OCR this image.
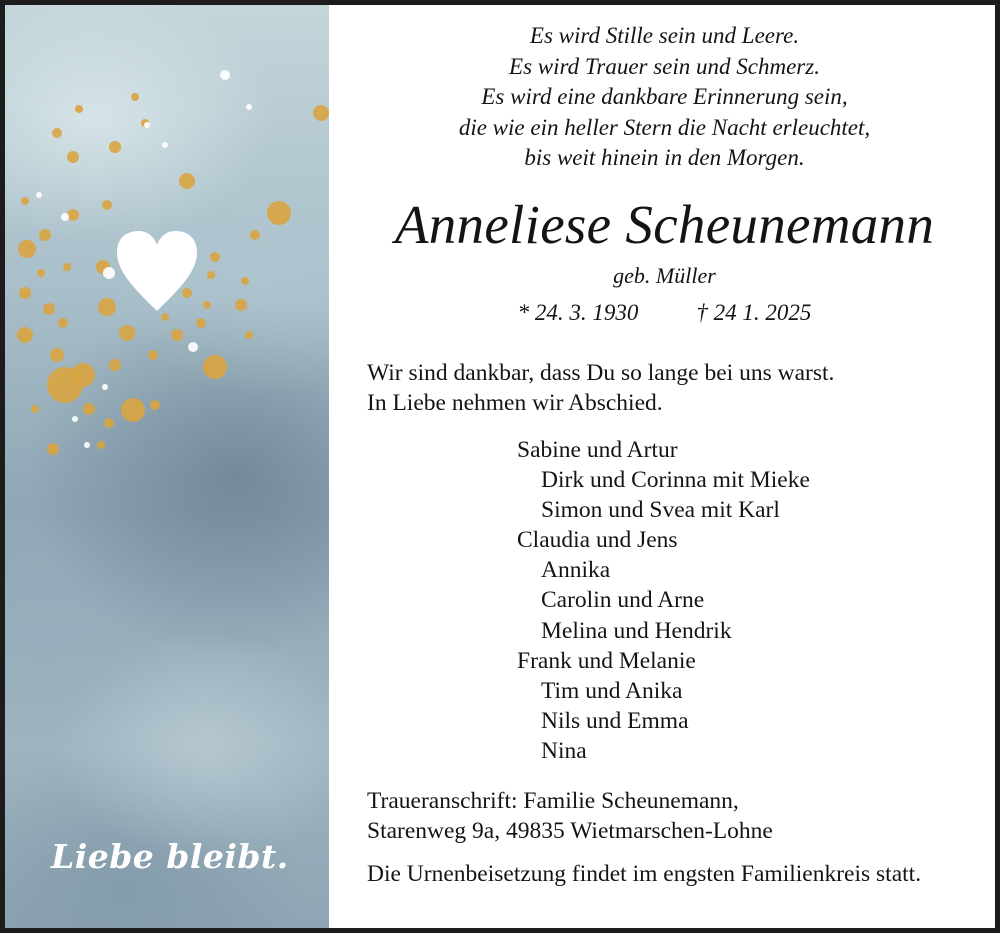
Liebe bleibt.
Es wird Stille sein und Leere.
Es wird Trauer sein und Schmerz.
Es wird eine dankbare Erinnerung sein,
die wie ein heller Stern die Nacht erleuchtet,
bis weit hinein in den Morgen.
Anneliese Scheunemann
geb. Müller
* 24. 3. 1930	† 24 1. 2025
Wir sind dankbar, dass Du so lange bei uns warst.
In Liebe nehmen wir Abschied.
Sabine und Artur
Dirk und Corinna mit Mieke
Simon und Svea mit Karl
Claudia und Jens
Annika
Carolin und Arne
Melina und Hendrik
Frank und Melanie
Tim und Anika
Nils und Emma
Nina
Traueranschrift: Familie Scheunemann,
Starenweg 9a, 49835 Wietmarschen-Lohne
Die Urnenbeisetzung findet im engsten Familienkreis statt.
